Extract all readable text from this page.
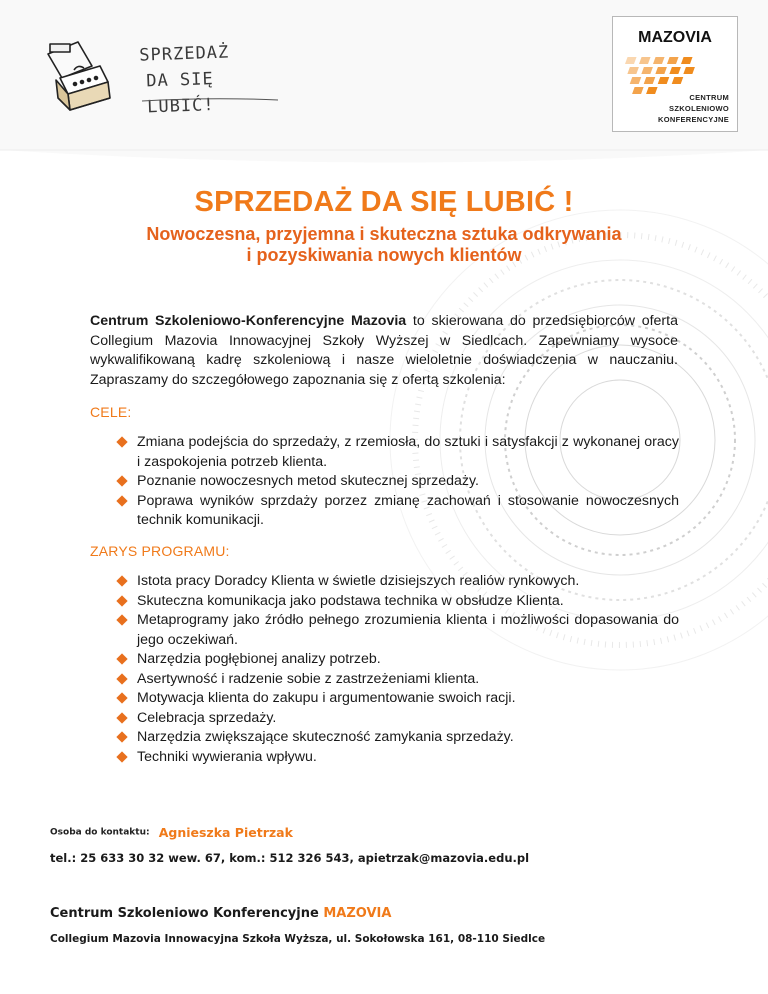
SPRZEDAŻ
DA SIĘ LUBIĆ!
MAZOVIA
CENTRUM
SZKOLENIOWO
KONFERENCYJNE
SPRZEDAŻ DA SIĘ LUBIĆ !
Nowoczesna, przyjemna i skuteczna sztuka odkrywania
i pozyskiwania nowych klientów

Centrum Szkoleniowo-Konferencyjne Mazovia to skierowana do przedsiębiorców oferta Collegium Mazovia Innowacyjnej Szkoły Wyższej w Siedlcach. Zapewniamy wysoce wykwalifikowaną kadrę szkoleniową i nasze wieloletnie doświadczenia w nauczaniu. Zapraszamy do szczegółowego zapoznania się z ofertą szkolenia:

CELE:
Zmiana podejścia do sprzedaży, z rzemiosła, do sztuki i satysfakcji z wykonanej oracy i zaspokojenia potrzeb klienta.
Poznanie nowoczesnych metod skutecznej sprzedaży.
Poprawa wyników sprzdaży porzez zmianę zachowań i stosowanie nowoczesnych technik komunikacji.
ZARYS PROGRAMU:
Istota pracy Doradcy Klienta w świetle dzisiejszych realiów rynkowych.
Skuteczna komunikacja jako podstawa technika w obsłudze Klienta.
Metaprogramy jako źródło pełnego zrozumienia klienta i możliwości dopasowania do jego oczekiwań.
Narzędzia pogłębionej analizy potrzeb.
Asertywność i radzenie sobie z zastrzeżeniami klienta.
Motywacja klienta do zakupu i argumentowanie swoich racji.
Celebracja sprzedaży.
Narzędzia zwiększające skuteczność zamykania sprzedaży.
Techniki wywierania wpływu.
Osoba do kontaktu: Agnieszka Pietrzak
tel.: 25 633 30 32 wew. 67, kom.: 512 326 543, apietrzak@mazovia.edu.pl
Centrum Szkoleniowo Konferencyjne MAZOVIA
Collegium Mazovia Innowacyjna Szkoła Wyższa, ul. Sokołowska 161, 08-110 Siedlce
